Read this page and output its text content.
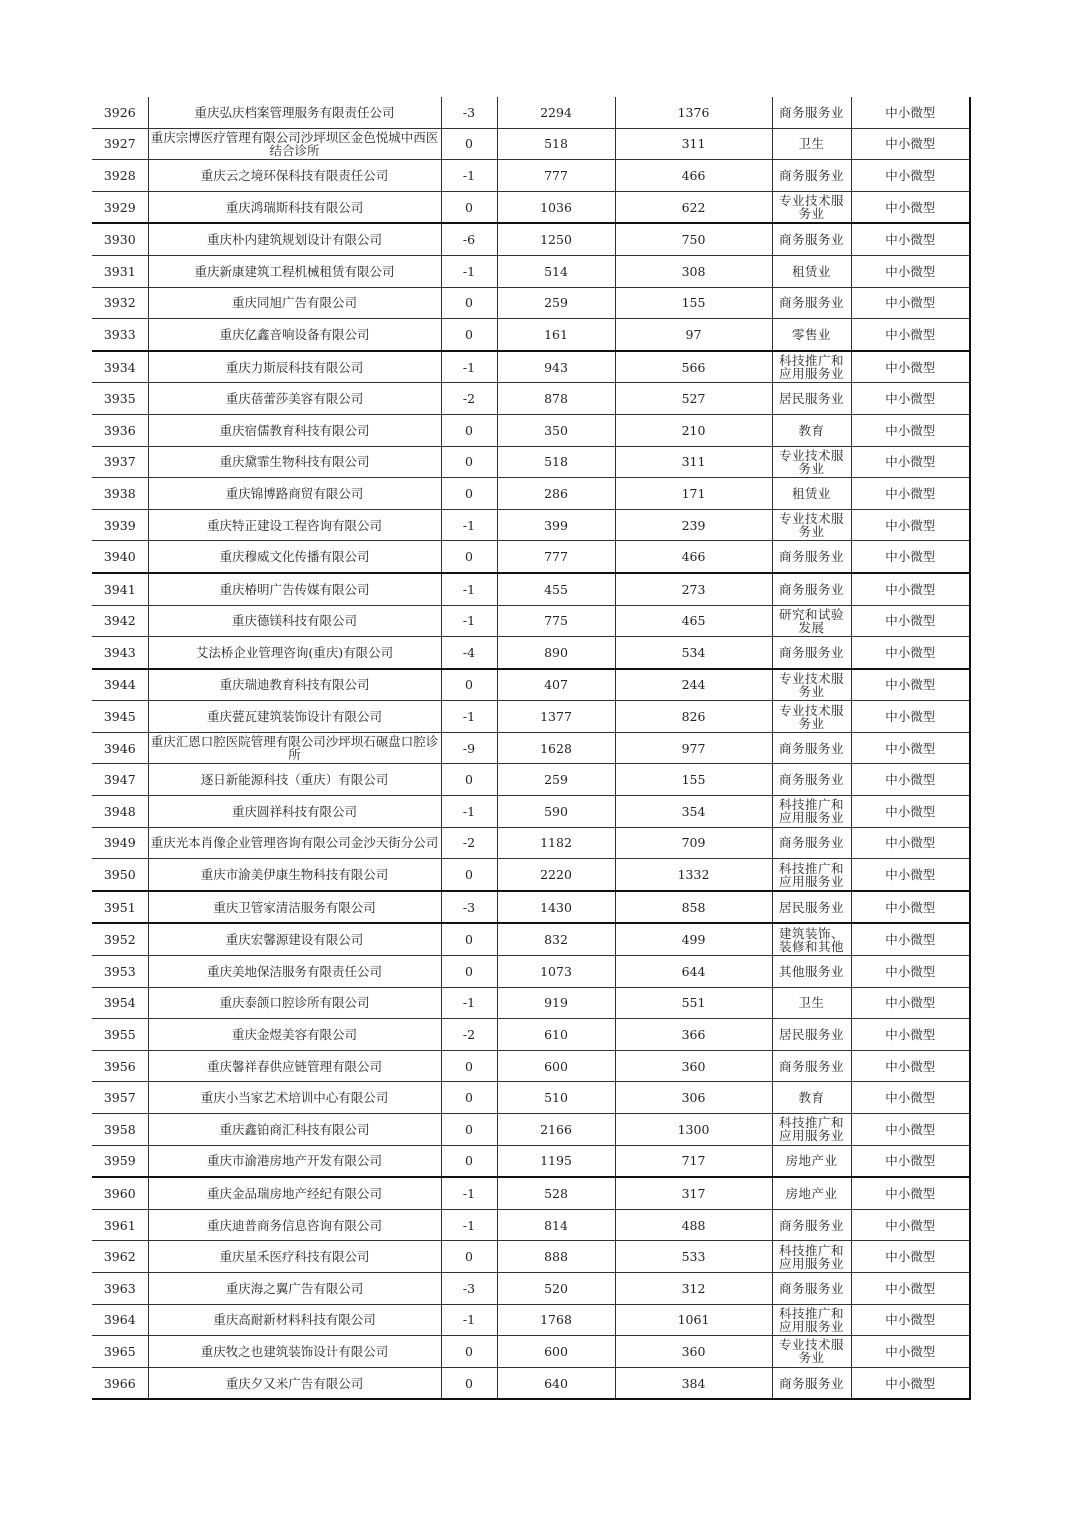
3926	重庆弘庆档案管理服务有限责任公司	-3	2294	1376	商务服务业	中小微型
3927	重庆宗博医疗管理有限公司沙坪坝区金色悦城中西医结合诊所	0	518	311	卫生	中小微型
3928	重庆云之境环保科技有限责任公司	-1	777	466	商务服务业	中小微型
3929	重庆鸿瑞斯科技有限公司	0	1036	622	专业技术服务业	中小微型
3930	重庆朴内建筑规划设计有限公司	-6	1250	750	商务服务业	中小微型
3931	重庆新康建筑工程机械租赁有限公司	-1	514	308	租赁业	中小微型
3932	重庆同旭广告有限公司	0	259	155	商务服务业	中小微型
3933	重庆亿鑫音响设备有限公司	0	161	97	零售业	中小微型
3934	重庆力斯辰科技有限公司	-1	943	566	科技推广和应用服务业	中小微型
3935	重庆蓓蕾莎美容有限公司	-2	878	527	居民服务业	中小微型
3936	重庆宿儒教育科技有限公司	0	350	210	教育	中小微型
3937	重庆黛霏生物科技有限公司	0	518	311	专业技术服务业	中小微型
3938	重庆锦博路商贸有限公司	0	286	171	租赁业	中小微型
3939	重庆特正建设工程咨询有限公司	-1	399	239	专业技术服务业	中小微型
3940	重庆穆威文化传播有限公司	0	777	466	商务服务业	中小微型
3941	重庆椿明广告传媒有限公司	-1	455	273	商务服务业	中小微型
3942	重庆德镁科技有限公司	-1	775	465	研究和试验发展	中小微型
3943	艾法桥企业管理咨询(重庆)有限公司	-4	890	534	商务服务业	中小微型
3944	重庆瑞迪教育科技有限公司	0	407	244	专业技术服务业	中小微型
3945	重庆甍瓦建筑装饰设计有限公司	-1	1377	826	专业技术服务业	中小微型
3946	重庆汇恩口腔医院管理有限公司沙坪坝石碾盘口腔诊所	-9	1628	977	商务服务业	中小微型
3947	逐日新能源科技（重庆）有限公司	0	259	155	商务服务业	中小微型
3948	重庆圆祥科技有限公司	-1	590	354	科技推广和应用服务业	中小微型
3949	重庆光本肖像企业管理咨询有限公司金沙天街分公司	-2	1182	709	商务服务业	中小微型
3950	重庆市渝美伊康生物科技有限公司	0	2220	1332	科技推广和应用服务业	中小微型
3951	重庆卫管家清洁服务有限公司	-3	1430	858	居民服务业	中小微型
3952	重庆宏馨源建设有限公司	0	832	499	建筑装饰、装修和其他	中小微型
3953	重庆美地保洁服务有限责任公司	0	1073	644	其他服务业	中小微型
3954	重庆泰颌口腔诊所有限公司	-1	919	551	卫生	中小微型
3955	重庆金煜美容有限公司	-2	610	366	居民服务业	中小微型
3956	重庆馨祥春供应链管理有限公司	0	600	360	商务服务业	中小微型
3957	重庆小当家艺术培训中心有限公司	0	510	306	教育	中小微型
3958	重庆鑫铂商汇科技有限公司	0	2166	1300	科技推广和应用服务业	中小微型
3959	重庆市渝港房地产开发有限公司	0	1195	717	房地产业	中小微型
3960	重庆金品瑞房地产经纪有限公司	-1	528	317	房地产业	中小微型
3961	重庆迪普商务信息咨询有限公司	-1	814	488	商务服务业	中小微型
3962	重庆星禾医疗科技有限公司	0	888	533	科技推广和应用服务业	中小微型
3963	重庆海之翼广告有限公司	-3	520	312	商务服务业	中小微型
3964	重庆高耐新材料科技有限公司	-1	1768	1061	科技推广和应用服务业	中小微型
3965	重庆牧之也建筑装饰设计有限公司	0	600	360	专业技术服务业	中小微型
3966	重庆夕又米广告有限公司	0	640	384	商务服务业	中小微型
